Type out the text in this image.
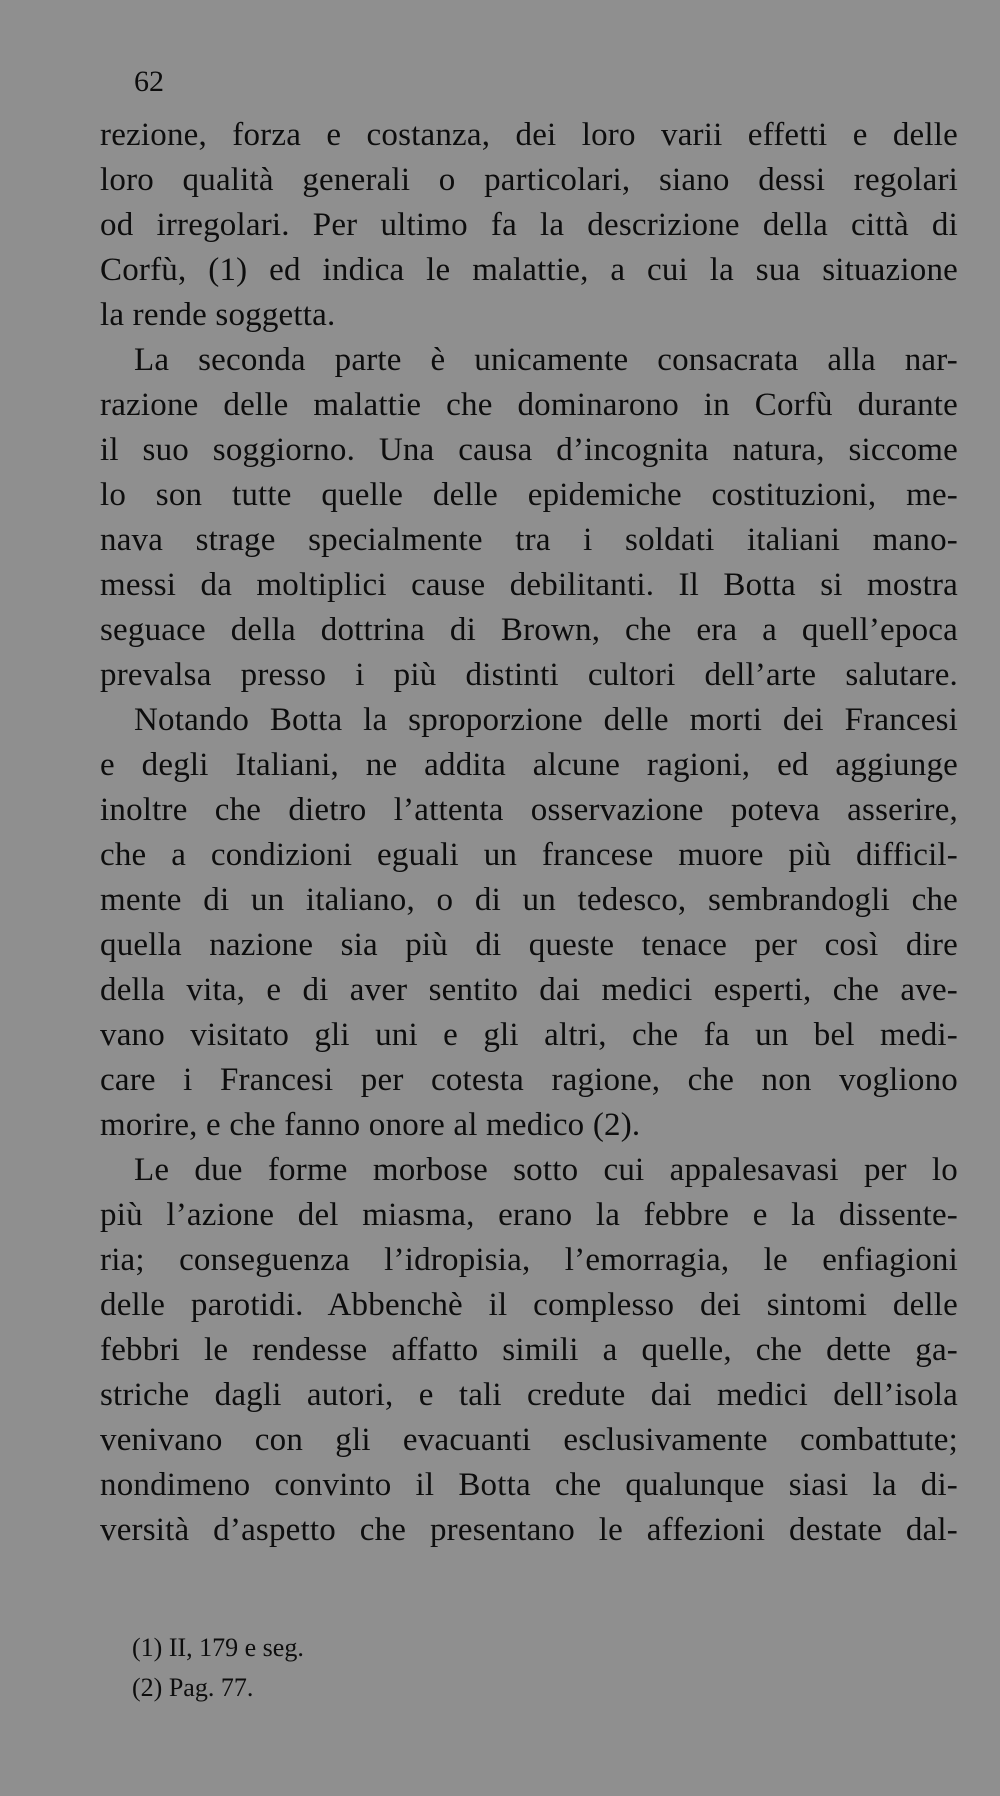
62
rezione, forza e costanza, dei loro varii effetti e delle
loro qualità generali o particolari, siano dessi regolari
od irregolari. Per ultimo fa la descrizione della città di
Corfù, (1) ed indica le malattie, a cui la sua situazione
la rende soggetta.
La seconda parte è unicamente consacrata alla nar-
razione delle malattie che dominarono in Corfù durante
il suo soggiorno. Una causa d’incognita natura, siccome
lo son tutte quelle delle epidemiche costituzioni, me-
nava strage specialmente tra i soldati italiani mano-
messi da moltiplici cause debilitanti. Il Botta si mostra
seguace della dottrina di Brown, che era a quell’epoca
prevalsa presso i più distinti cultori dell’arte salutare.
Notando Botta la sproporzione delle morti dei Francesi
e degli Italiani, ne addita alcune ragioni, ed aggiunge
inoltre che dietro l’attenta osservazione poteva asserire,
che a condizioni eguali un francese muore più difficil-
mente di un italiano, o di un tedesco, sembrandogli che
quella nazione sia più di queste tenace per così dire
della vita, e di aver sentito dai medici esperti, che ave-
vano visitato gli uni e gli altri, che fa un bel medi-
care i Francesi per cotesta ragione, che non vogliono
morire, e che fanno onore al medico (2).
Le due forme morbose sotto cui appalesavasi per lo
più l’azione del miasma, erano la febbre e la dissente-
ria; conseguenza l’idropisia, l’emorragia, le enfiagioni
delle parotidi. Abbenchè il complesso dei sintomi delle
febbri le rendesse affatto simili a quelle, che dette ga-
striche dagli autori, e tali credute dai medici dell’isola
venivano con gli evacuanti esclusivamente combattute;
nondimeno convinto il Botta che qualunque siasi la di-
versità d’aspetto che presentano le affezioni destate dal-
(1) II, 179 e seg.
(2) Pag. 77.
